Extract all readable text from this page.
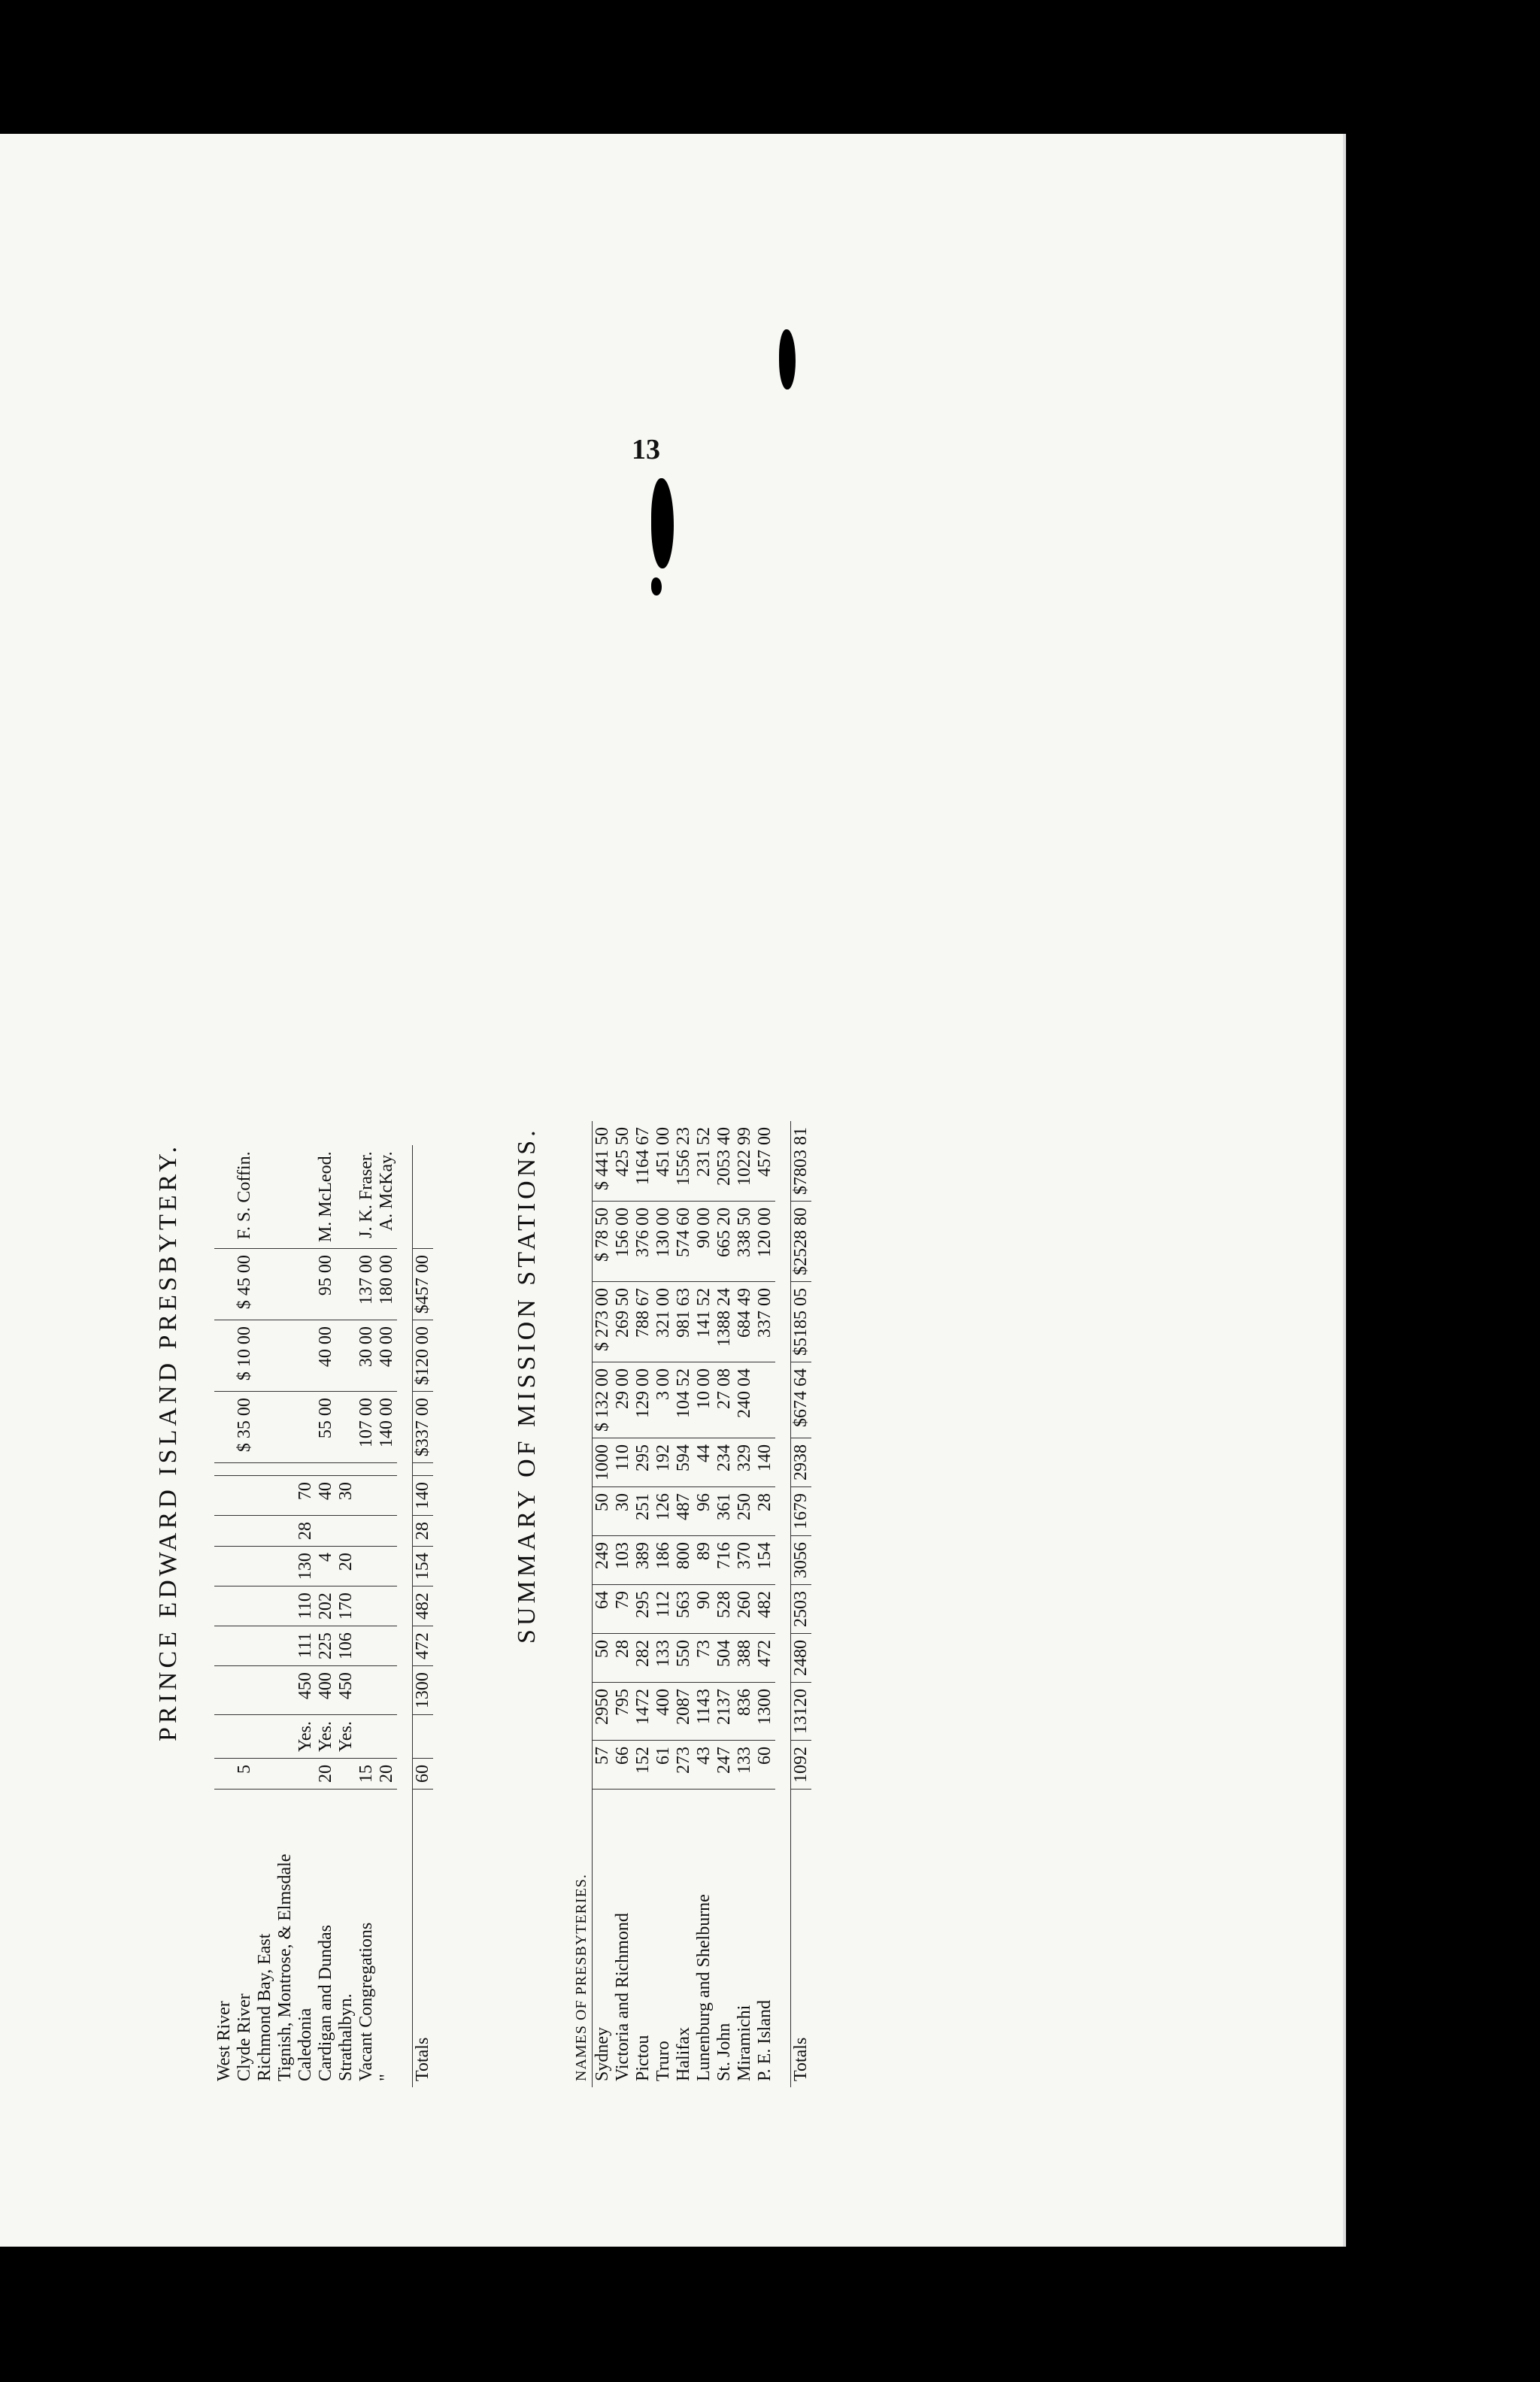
13
PRINCE EDWARD ISLAND PRESBYTERY.
West River													
Clyde River	5									$ 35 00	$ 10 00	$ 45 00	F. S. Coffin.
Richmond Bay, East													
Tignish, Montrose, & Elmsdale													
Caledonia		Yes.	450	111	110	130	28	70					
Cardigan and Dundas	20	Yes.	400	225	202	4		40		55 00	40 00	95 00	M. McLeod.
Strathalbyn.		Yes.	450	106	170	20		30					
Vacant Congregations	15									107 00	30 00	137 00	J. K. Fraser.
"	20									140 00	40 00	180 00	A. McKay.

Totals	60		1300	472	482	154	28	140		$337 00	$120 00	$457 00		SUMMARY OF MISSION STATIONS.
NAMES OF PRESBYTERIES.											
Sydney	57	2950	50	64	249	50	1000	$ 132 00	$ 273 00	$ 78 50	$ 441 50
Victoria and Richmond	66	795	28	79	103	30	110	29 00	269 50	156 00	425 50
Pictou	152	1472	282	295	389	251	295	129 00	788 67	376 00	1164 67
Truro	61	400	133	112	186	126	192	3 00	321 00	130 00	451 00
Halifax	273	2087	550	563	800	487	594	104 52	981 63	574 60	1556 23
Lunenburg and Shelburne	43	1143	73	90	89	96	44	10 00	141 52	90 00	231 52
St. John	247	2137	504	528	716	361	234	27 08	1388 24	665 20	2053 40
Miramichi	133	836	388	260	370	250	329	240 04	684 49	338 50	1022 99
P. E. Island	60	1300	472	482	154	28	140		337 00	120 00	457 00

Totals	1092	13120	2480	2503	3056	1679	2938	$674 64	$5185 05	$2528 80	$7803 81
